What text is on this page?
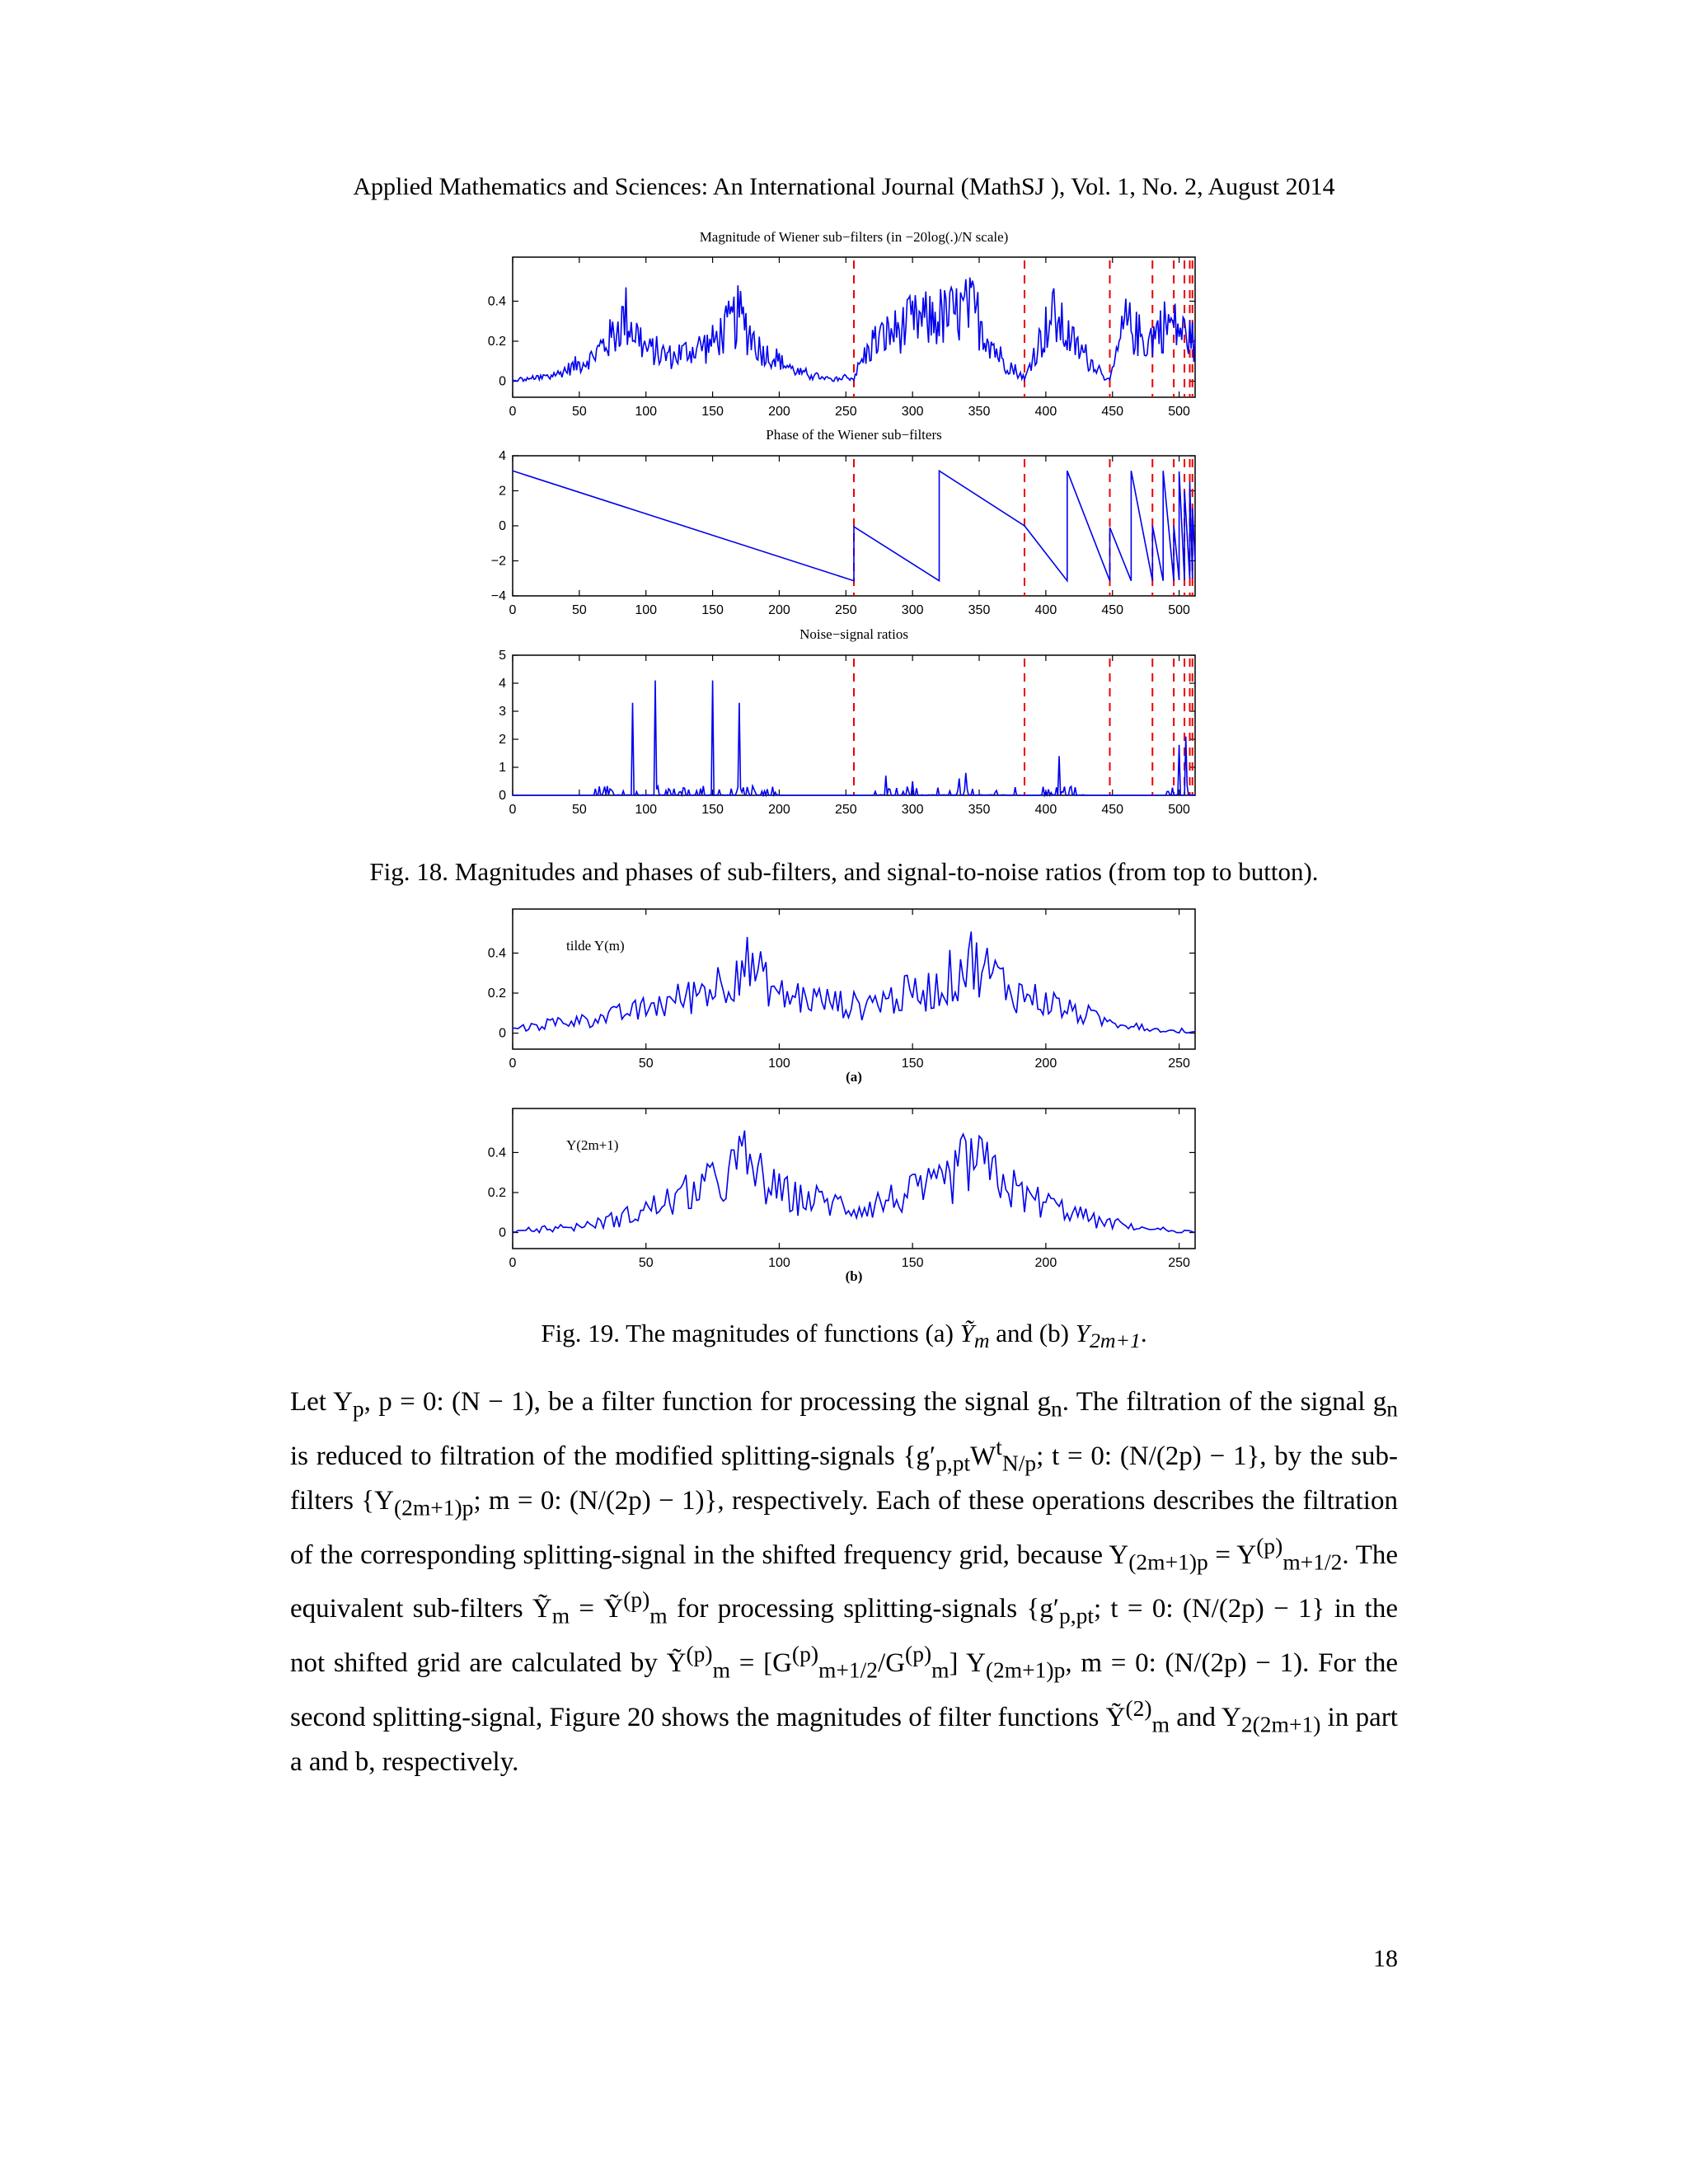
Applied Mathematics and Sciences: An International Journal (MathSJ ), Vol. 1, No. 2, August 2014
Magnitude of Wiener sub−filters (in −20log(.)/N scale)
0	50	100	150	200	250	300	350	400	450	500
0
0.2
0.4
Phase of the Wiener sub−filters
0	50	100	150	200	250	300	350	400	450	500
−4
−2
0
2
4
Noise−signal ratios
0	50	100	150	200	250	300	350	400	450	500
0
1
2
3
4
5
0	50	100	150	200	250
0
0.2
0.4	tilde Y(m)
(a)
0	50	100	150	200	250
0
0.2
0.4	Y(2m+1)
(b)
Fig. 18. Magnitudes and phases of sub-filters, and signal-to-noise ratios (from top to button).
Fig. 19. The magnitudes of functions (a) Ỹ$_m$ and (b) $Y_{2m+1}$.

Let $Y_p$, p = 0: (N − 1), be a filter function for processing the signal $g_n$. The filtration of the signal $g_n$ is reduced to filtration of the modified splitting-signals {$g'_{p,pt}W^t_{N/p}$; t = 0: (N/(2p) − 1}, by the sub-filters {$Y_{(2m+1)p}$; m = 0: (N/(2p) − 1)}, respectively. Each of these operations describes the filtration of the corresponding splitting-signal in the shifted frequency grid, because $Y_{(2m+1)p} = Y^{(p)}_{m+1/2}$. The equivalent sub-filters Ỹ$_m$ = Ỹ$^{(p)}_m$ for processing splitting-signals {$g'_{p,pt}$; t = 0: (N/(2p) − 1} in the not shifted grid are calculated by Ỹ$^{(p)}_m$ = $[G^{(p)}_{m+1/2}/G^{(p)}_m]$ $Y_{(2m+1)p}$, m = 0: (N/(2p) − 1). For the second splitting-signal, Figure 20 shows the magnitudes of filter functions Ỹ$^{(2)}_m$ and $Y_{2(2m+1)}$ in part a and b, respectively.

18
